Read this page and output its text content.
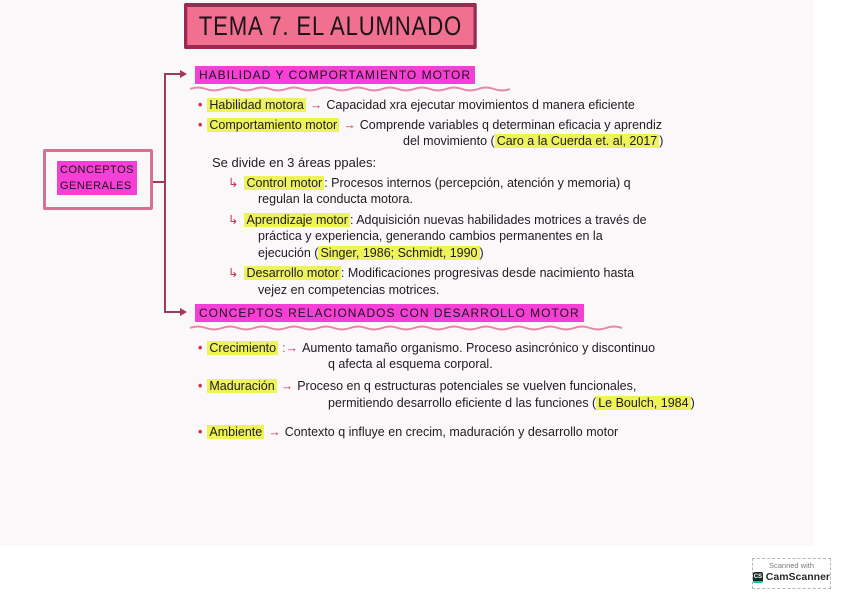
TEMA 7. EL ALUMNADO
CONCEPTOS
GENERALES
HABILIDAD Y COMPORTAMIENTO MOTOR
• Habilidad motora → Capacidad xra ejecutar movimientos d manera eficiente
• Comportamiento motor → Comprende variables q determinan eficacia y aprendiz
del movimiento ( Caro a la Cuerda et. al, 2017 )
Se divide en 3 áreas ppales:
↳ Control motor : Procesos internos (percepción, atención y memoria) q
regulan la conducta motora.
↳ Aprendizaje motor : Adquisición nuevas habilidades motrices a través de
práctica y experiencia, generando cambios permanentes en la
ejecución ( Singer, 1986; Schmidt, 1990 )
↳ Desarrollo motor : Modificaciones progresivas desde nacimiento hasta
vejez en competencias motrices.
CONCEPTOS RELACIONADOS CON DESARROLLO MOTOR
• Crecimiento :→ Aumento tamaño organismo. Proceso asincrónico y discontinuo
q afecta al esquema corporal.
• Maduración → Proceso en q estructuras potenciales se vuelven funcionales,
permitiendo desarrollo eficiente d las funciones ( Le Boulch, 1984 )
• Ambiente → Contexto q influye en crecim, maduración y desarrollo motor
Scanned with
CS CamScanner
